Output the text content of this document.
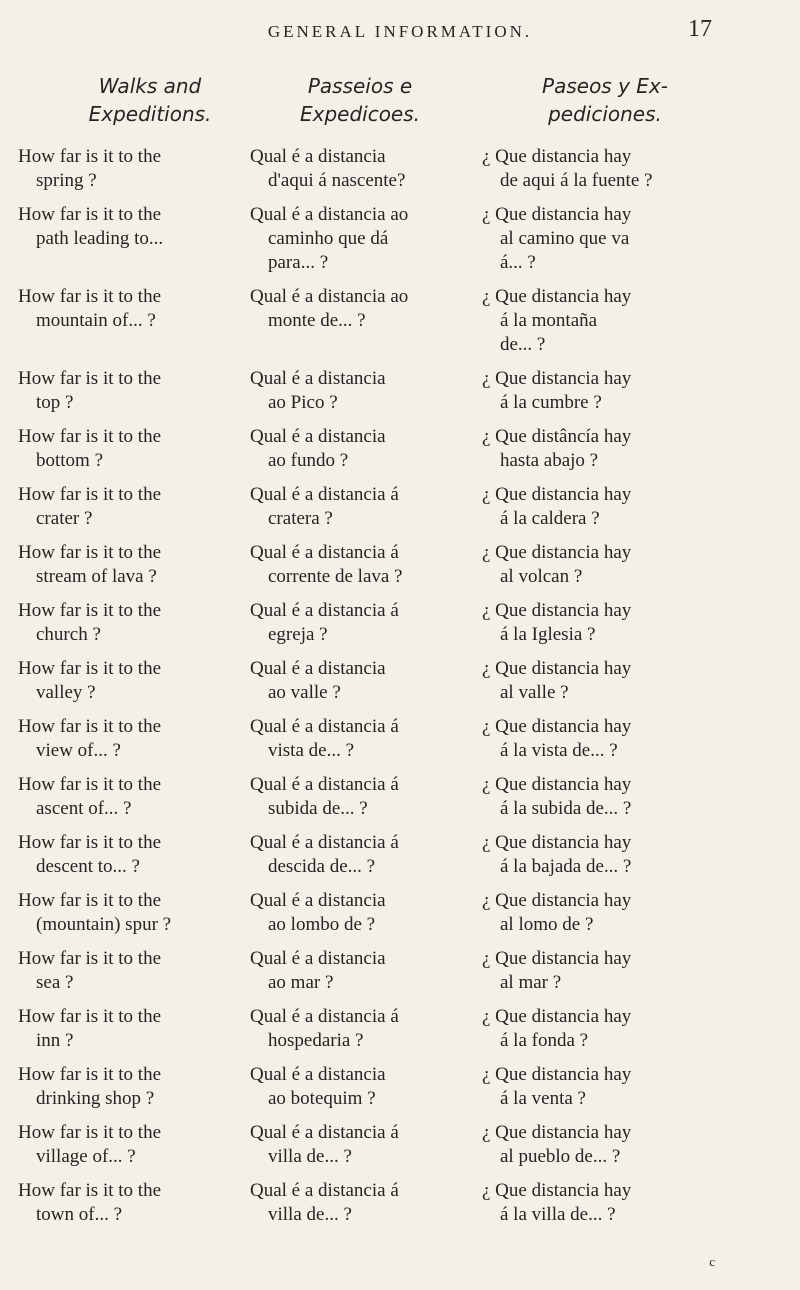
GENERAL INFORMATION.	17
Walks and
Expeditions.
Passeios e
Expedicoes.
Paseos y Ex-
pediciones.
How far is it to the
spring ?
Qual é a distancia
d'aqui á nascente?
¿ Que distancia hay
de aqui á la fuente ?
How far is it to the
path leading to...
Qual é a distancia ao
caminho que dá
para... ?
¿ Que distancia hay
al camino que va
á... ?
How far is it to the
mountain of... ?
Qual é a distancia ao
monte de... ?
¿ Que distancia hay
á la montaña
de... ?
How far is it to the
top ?
Qual é a distancia
ao Pico ?
¿ Que distancia hay
á la cumbre ?
How far is it to the
bottom ?
Qual é a distancia
ao fundo ?
¿ Que distâncía hay
hasta abajo ?
How far is it to the
crater ?
Qual é a distancia á
cratera ?
¿ Que distancia hay
á la caldera ?
How far is it to the
stream of lava ?
Qual é a distancia á
corrente de lava ?
¿ Que distancia hay
al volcan ?
How far is it to the
church ?
Qual é a distancia á
egreja ?
¿ Que distancia hay
á la Iglesia ?
How far is it to the
valley ?
Qual é a distancia
ao valle ?
¿ Que distancia hay
al valle ?
How far is it to the
view of... ?
Qual é a distancia á
vista de... ?
¿ Que distancia hay
á la vista de... ?
How far is it to the
ascent of... ?
Qual é a distancia á
subida de... ?
¿ Que distancia hay
á la subida de... ?
How far is it to the
descent to... ?
Qual é a distancia á
descida de... ?
¿ Que distancia hay
á la bajada de... ?
How far is it to the
(mountain) spur ?
Qual é a distancia
ao lombo de ?
¿ Que distancia hay
al lomo de ?
How far is it to the
sea ?
Qual é a distancia
ao mar ?
¿ Que distancia hay
al mar ?
How far is it to the
inn ?
Qual é a distancia á
hospedaria ?
¿ Que distancia hay
á la fonda ?
How far is it to the
drinking shop ?
Qual é a distancia
ao botequim ?
¿ Que distancia hay
á la venta ?
How far is it to the
village of... ?
Qual é a distancia á
villa de... ?
¿ Que distancia hay
al pueblo de... ?
How far is it to the
town of... ?
Qual é a distancia á
villa de... ?
¿ Que distancia hay
á la villa de... ?
c
